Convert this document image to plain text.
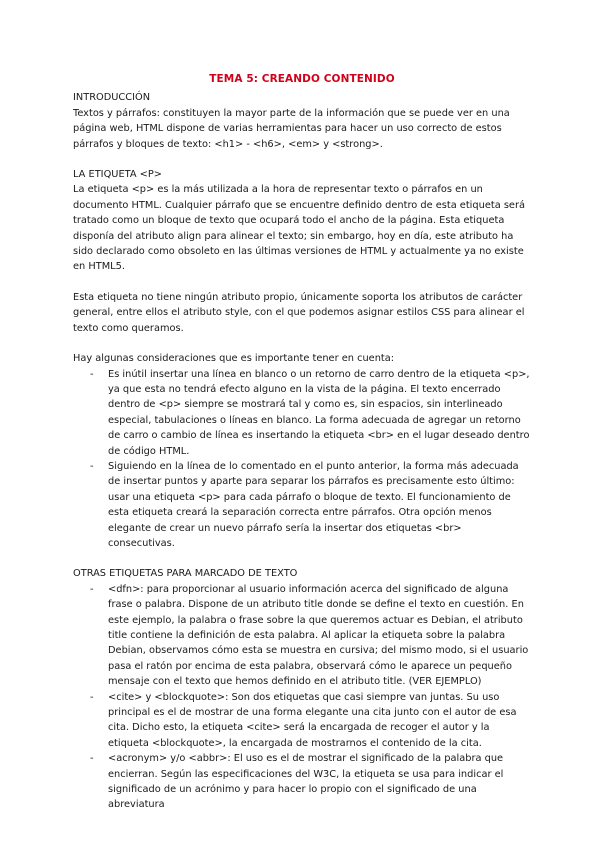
TEMA 5: CREANDO CONTENIDO

INTRODUCCIÓN

Textos y párrafos: constituyen la mayor parte de la información que se puede ver en una página web, HTML dispone de varias herramientas para hacer un uso correcto de estos párrafos y bloques de texto: <h1> - <h6>, <em> y <strong>.

LA ETIQUETA <P>

La etiqueta <p> es la más utilizada a la hora de representar texto o párrafos en un documento HTML. Cualquier párrafo que se encuentre definido dentro de esta etiqueta será tratado como un bloque de texto que ocupará todo el ancho de la página. Esta etiqueta disponía del atributo align para alinear el texto; sin embargo, hoy en día, este atributo ha sido declarado como obsoleto en las últimas versiones de HTML y actualmente ya no existe en HTML5.

Esta etiqueta no tiene ningún atributo propio, únicamente soporta los atributos de carácter general, entre ellos el atributo style, con el que podemos asignar estilos CSS para alinear el texto como queramos.

Hay algunas consideraciones que es importante tener en cuenta:

- Es inútil insertar una línea en blanco o un retorno de carro dentro de la etiqueta <p>, ya que esta no tendrá efecto alguno en la vista de la página. El texto encerrado dentro de <p> siempre se mostrará tal y como es, sin espacios, sin interlineado especial, tabulaciones o líneas en blanco. La forma adecuada de agregar un retorno de carro o cambio de línea es insertando la etiqueta <br> en el lugar deseado dentro de código HTML.
- Siguiendo en la línea de lo comentado en el punto anterior, la forma más adecuada de insertar puntos y aparte para separar los párrafos es precisamente esto último: usar una etiqueta <p> para cada párrafo o bloque de texto. El funcionamiento de esta etiqueta creará la separación correcta entre párrafos. Otra opción menos elegante de crear un nuevo párrafo sería la insertar dos etiquetas <br> consecutivas.

OTRAS ETIQUETAS PARA MARCADO DE TEXTO

- <dfn>: para proporcionar al usuario información acerca del significado de alguna frase o palabra. Dispone de un atributo title donde se define el texto en cuestión. En este ejemplo, la palabra o frase sobre la que queremos actuar es Debian, el atributo title contiene la definición de esta palabra. Al aplicar la etiqueta sobre la palabra Debian, observamos cómo esta se muestra en cursiva; del mismo modo, si el usuario pasa el ratón por encima de esta palabra, observará cómo le aparece un pequeño mensaje con el texto que hemos definido en el atributo title. (VER EJEMPLO)
- <cite> y <blockquote>: Son dos etiquetas que casi siempre van juntas. Su uso principal es el de mostrar de una forma elegante una cita junto con el autor de esa cita. Dicho esto, la etiqueta <cite> será la encargada de recoger el autor y la etiqueta <blockquote>, la encargada de mostrarnos el contenido de la cita.
- <acronym> y/o <abbr>: El uso es el de mostrar el significado de la palabra que encierran. Según las especificaciones del W3C, la etiqueta se usa para indicar el significado de un acrónimo y para hacer lo propio con el significado de una abreviatura
